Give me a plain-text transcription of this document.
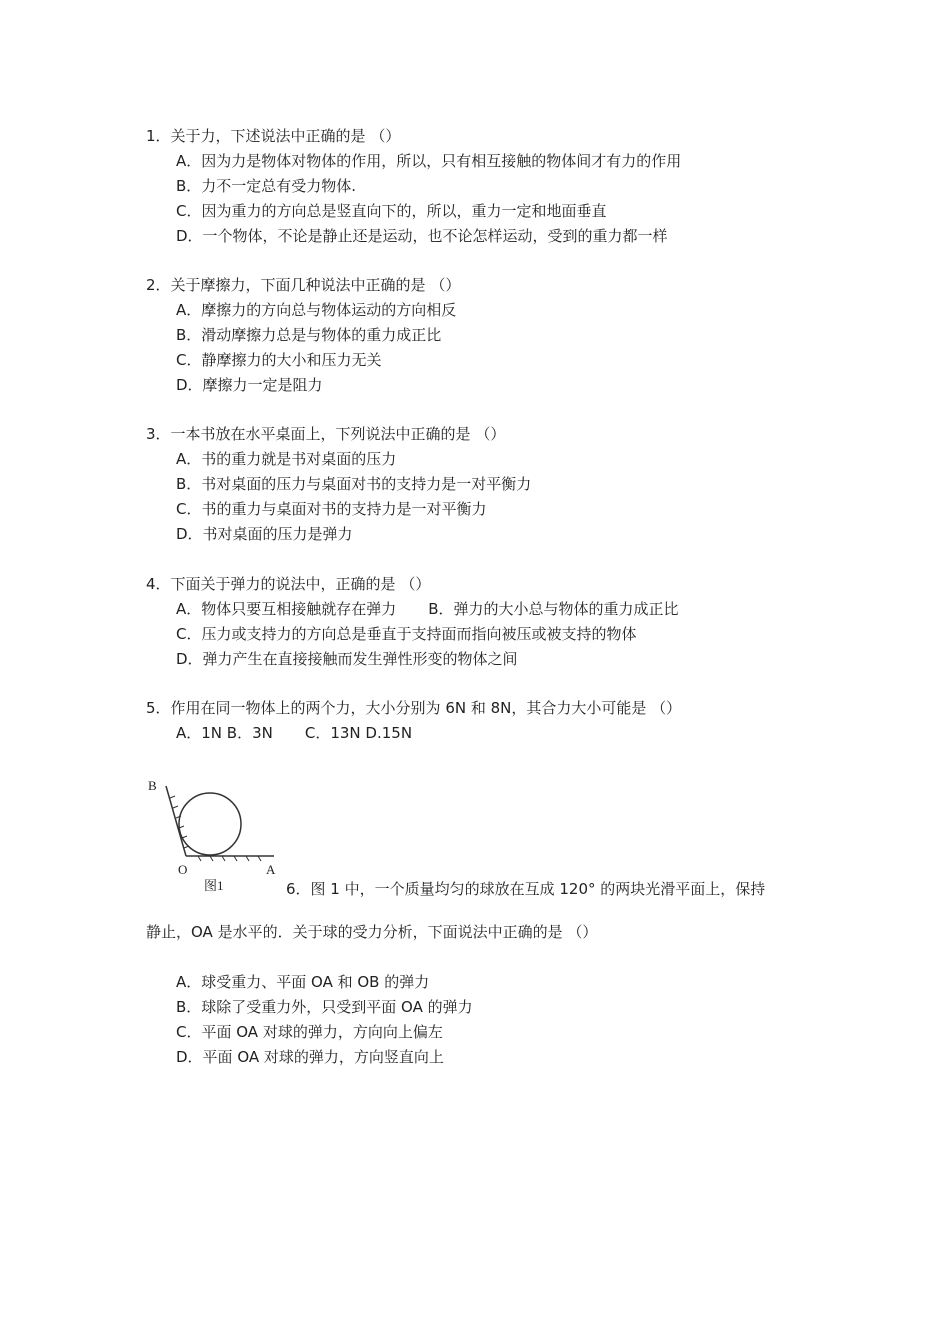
1．关于力，下述说法中正确的是 （）
A．因为力是物体对物体的作用，所以，只有相互接触的物体间才有力的作用
B．力不一定总有受力物体.
C．因为重力的方向总是竖直向下的，所以，重力一定和地面垂直
D．一个物体，不论是静止还是运动，也不论怎样运动，受到的重力都一样
2．关于摩擦力，下面几种说法中正确的是 （）
A．摩擦力的方向总与物体运动的方向相反
B．滑动摩擦力总是与物体的重力成正比
C．静摩擦力的大小和压力无关
D．摩擦力一定是阻力
3．一本书放在水平桌面上，下列说法中正确的是 （）
A．书的重力就是书对桌面的压力
B．书对桌面的压力与桌面对书的支持力是一对平衡力
C．书的重力与桌面对书的支持力是一对平衡力
D．书对桌面的压力是弹力
4．下面关于弹力的说法中，正确的是 （）
A．物体只要互相接触就存在弹力 B．弹力的大小总与物体的重力成正比
C．压力或支持力的方向总是垂直于支持面而指向被压或被支持的物体
D．弹力产生在直接接触而发生弹性形变的物体之间
5．作用在同一物体上的两个力，大小分别为 6N 和 8N，其合力大小可能是 （）
A．1N B．3N C．13N D.15N
B
O	A
图1	6．图 1 中，一个质量均匀的球放在互成 120° 的两块光滑平面上，保持
静止，OA 是水平的．关于球的受力分析，下面说法中正确的是 （）
A．球受重力、平面 OA 和 OB 的弹力
B．球除了受重力外，只受到平面 OA 的弹力
C．平面 OA 对球的弹力，方向向上偏左
D．平面 OA 对球的弹力，方向竖直向上
